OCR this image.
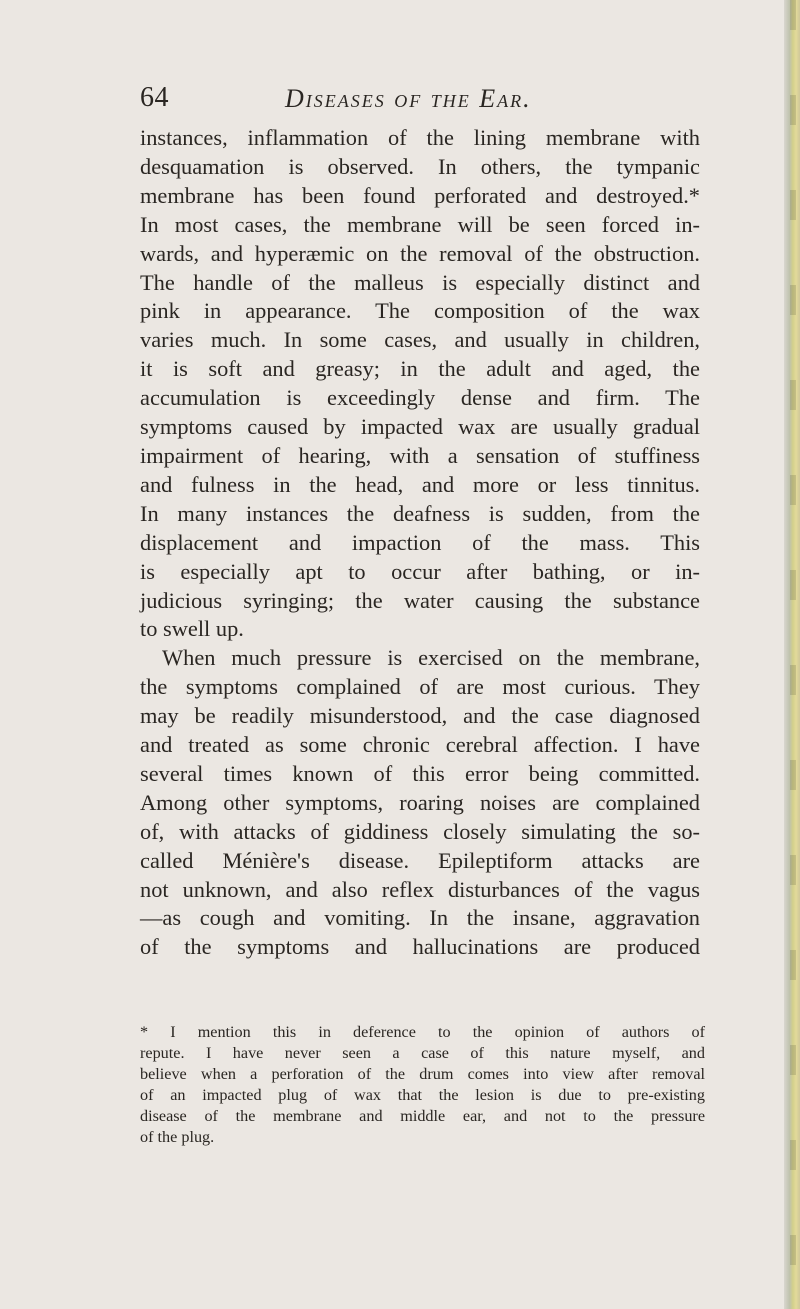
64	Diseases of the Ear.
instances, inflammation of the lining membrane with
desquamation is observed. In others, the tympanic
membrane has been found perforated and destroyed.*
In most cases, the membrane will be seen forced in-
wards, and hyperæmic on the removal of the obstruction.
The handle of the malleus is especially distinct and
pink in appearance. The composition of the wax
varies much. In some cases, and usually in children,
it is soft and greasy; in the adult and aged, the
accumulation is exceedingly dense and firm. The
symptoms caused by impacted wax are usually gradual
impairment of hearing, with a sensation of stuffiness
and fulness in the head, and more or less tinnitus.
In many instances the deafness is sudden, from the
displacement and impaction of the mass. This
is especially apt to occur after bathing, or in-
judicious syringing; the water causing the substance
to swell up.
When much pressure is exercised on the membrane,
the symptoms complained of are most curious. They
may be readily misunderstood, and the case diagnosed
and treated as some chronic cerebral affection. I have
several times known of this error being committed.
Among other symptoms, roaring noises are complained
of, with attacks of giddiness closely simulating the so-
called Ménière's disease. Epileptiform attacks are
not unknown, and also reflex disturbances of the vagus
—as cough and vomiting. In the insane, aggravation
of the symptoms and hallucinations are produced
* I mention this in deference to the opinion of authors of
repute. I have never seen a case of this nature myself, and
believe when a perforation of the drum comes into view after removal
of an impacted plug of wax that the lesion is due to pre-existing
disease of the membrane and middle ear, and not to the pressure
of the plug.
